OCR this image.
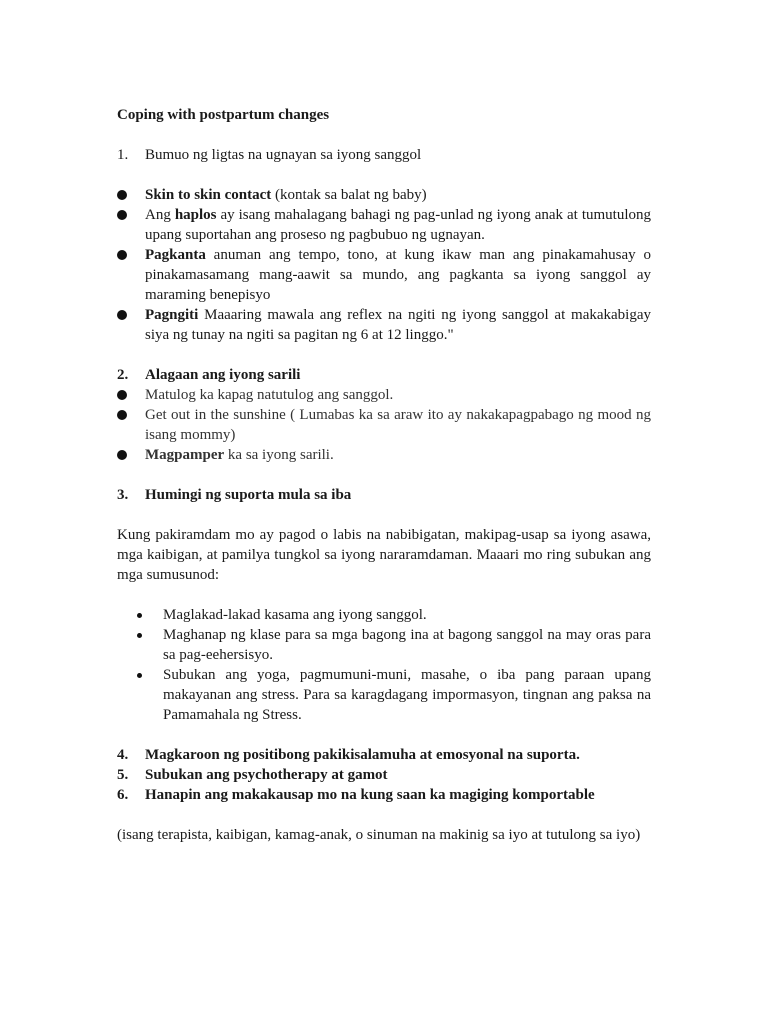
Coping with postpartum changes

1.	Bumuo ng ligtas na ugnayan sa iyong sanggol
Skin to skin contact (kontak sa balat ng baby)
Ang haplos ay isang mahalagang bahagi ng pag-unlad ng iyong anak at tumutulong upang suportahan ang proseso ng pagbubuo ng ugnayan.
Pagkanta anuman ang tempo, tono, at kung ikaw man ang pinakamahusay o pinakamasamang mang-aawit sa mundo, ang pagkanta sa iyong sanggol ay maraming benepisyo
Pagngiti Maaaring mawala ang reflex na ngiti ng iyong sanggol at makakabigay siya ng tunay na ngiti sa pagitan ng 6 at 12 linggo."
2.	Alagaan ang iyong sarili
Matulog ka kapag natutulog ang sanggol.
Get out in the sunshine ( Lumabas ka sa araw ito ay nakakapagpabago ng mood ng isang mommy)
Magpamper ka sa iyong sarili.
3.	Humingi ng suporta mula sa iba

Kung pakiramdam mo ay pagod o labis na nabibigatan, makipag-usap sa iyong asawa, mga kaibigan, at pamilya tungkol sa iyong nararamdaman. Maaari mo ring subukan ang mga sumusunod:

Maglakad-lakad kasama ang iyong sanggol.
Maghanap ng klase para sa mga bagong ina at bagong sanggol na may oras para sa pag-eehersisyo.
Subukan ang yoga, pagmumuni-muni, masahe, o iba pang paraan upang makayanan ang stress. Para sa karagdagang impormasyon, tingnan ang paksa na Pamamahala ng Stress.
4.	Magkaroon ng positibong pakikisalamuha at emosyonal na suporta.
5.	Subukan ang psychotherapy at gamot
6.	Hanapin ang makakausap mo na kung saan ka magiging komportable

(isang terapista, kaibigan, kamag-anak, o sinuman na makinig sa iyo at tutulong sa iyo)
